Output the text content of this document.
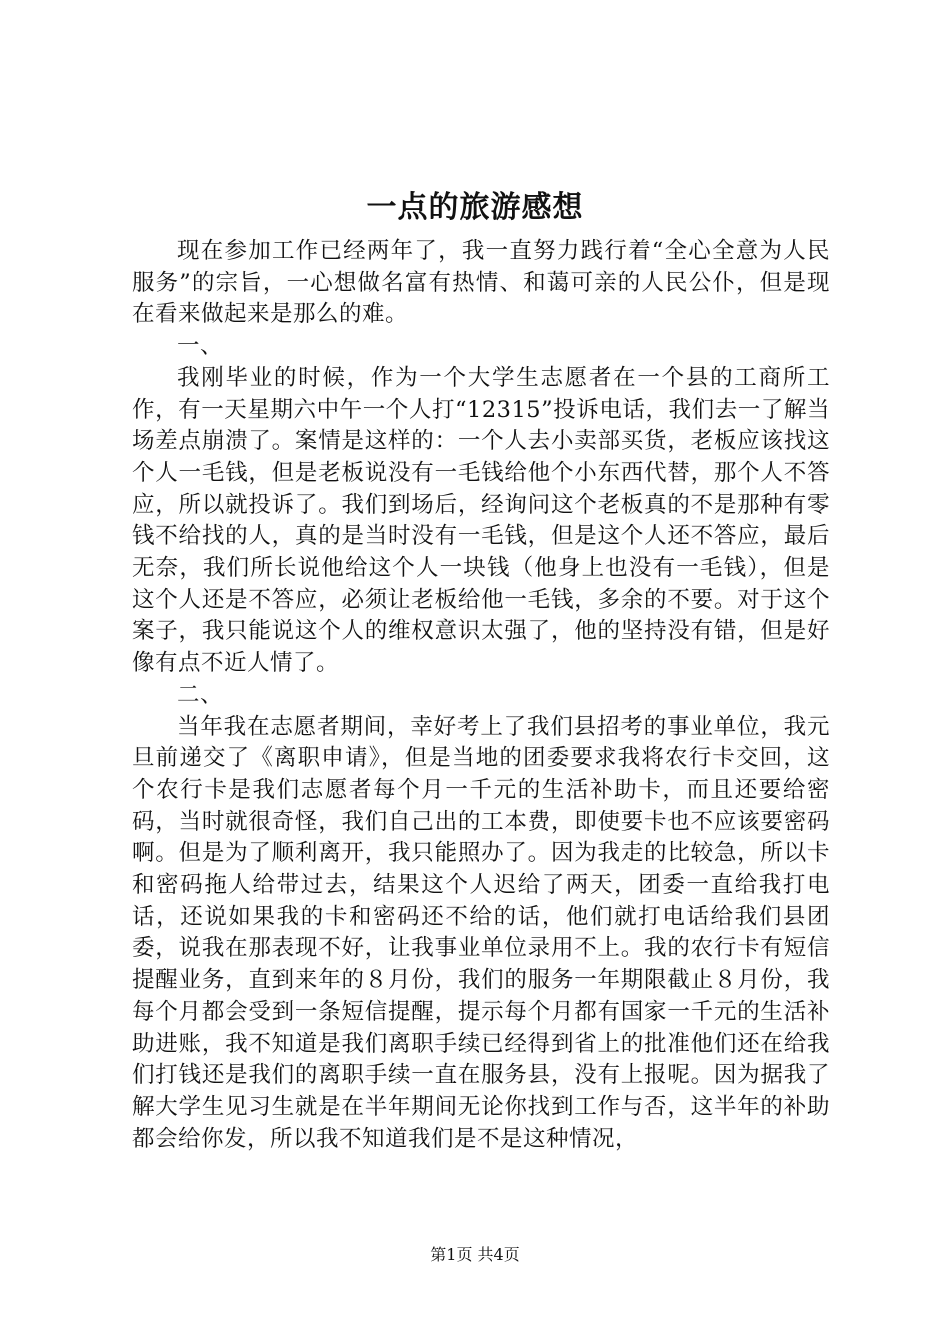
一点的旅游感想

现在参加工作已经两年了，我一直努力践行着“全心全意为人民服务”的宗旨，一心想做名富有热情、和蔼可亲的人民公仆，但是现在看来做起来是那么的难。

一、

我刚毕业的时候，作为一个大学生志愿者在一个县的工商所工作，有一天星期六中午一个人打“12315”投诉电话，我们去一了解当场差点崩溃了。案情是这样的：一个人去小卖部买货，老板应该找这个人一毛钱，但是老板说没有一毛钱给他个小东西代替，那个人不答应，所以就投诉了。我们到场后，经询问这个老板真的不是那种有零钱不给找的人，真的是当时没有一毛钱，但是这个人还不答应，最后无奈，我们所长说他给这个人一块钱（他身上也没有一毛钱），但是这个人还是不答应，必须让老板给他一毛钱，多余的不要。对于这个案子，我只能说这个人的维权意识太强了，他的坚持没有错，但是好像有点不近人情了。

二、

当年我在志愿者期间，幸好考上了我们县招考的事业单位，我元旦前递交了《离职申请》，但是当地的团委要求我将农行卡交回，这个农行卡是我们志愿者每个月一千元的生活补助卡，而且还要给密码，当时就很奇怪，我们自己出的工本费，即使要卡也不应该要密码啊。但是为了顺利离开，我只能照办了。因为我走的比较急，所以卡和密码拖人给带过去，结果这个人迟给了两天，团委一直给我打电话，还说如果我的卡和密码还不给的话，他们就打电话给我们县团委，说我在那表现不好，让我事业单位录用不上。我的农行卡有短信提醒业务，直到来年的８月份，我们的服务一年期限截止８月份，我每个月都会受到一条短信提醒，提示每个月都有国家一千元的生活补助进账，我不知道是我们离职手续已经得到省上的批准他们还在给我们打钱还是我们的离职手续一直在服务县，没有上报呢。因为据我了解大学生见习生就是在半年期间无论你找到工作与否，这半年的补助都会给你发，所以我不知道我们是不是这种情况，

第1页 共4页
